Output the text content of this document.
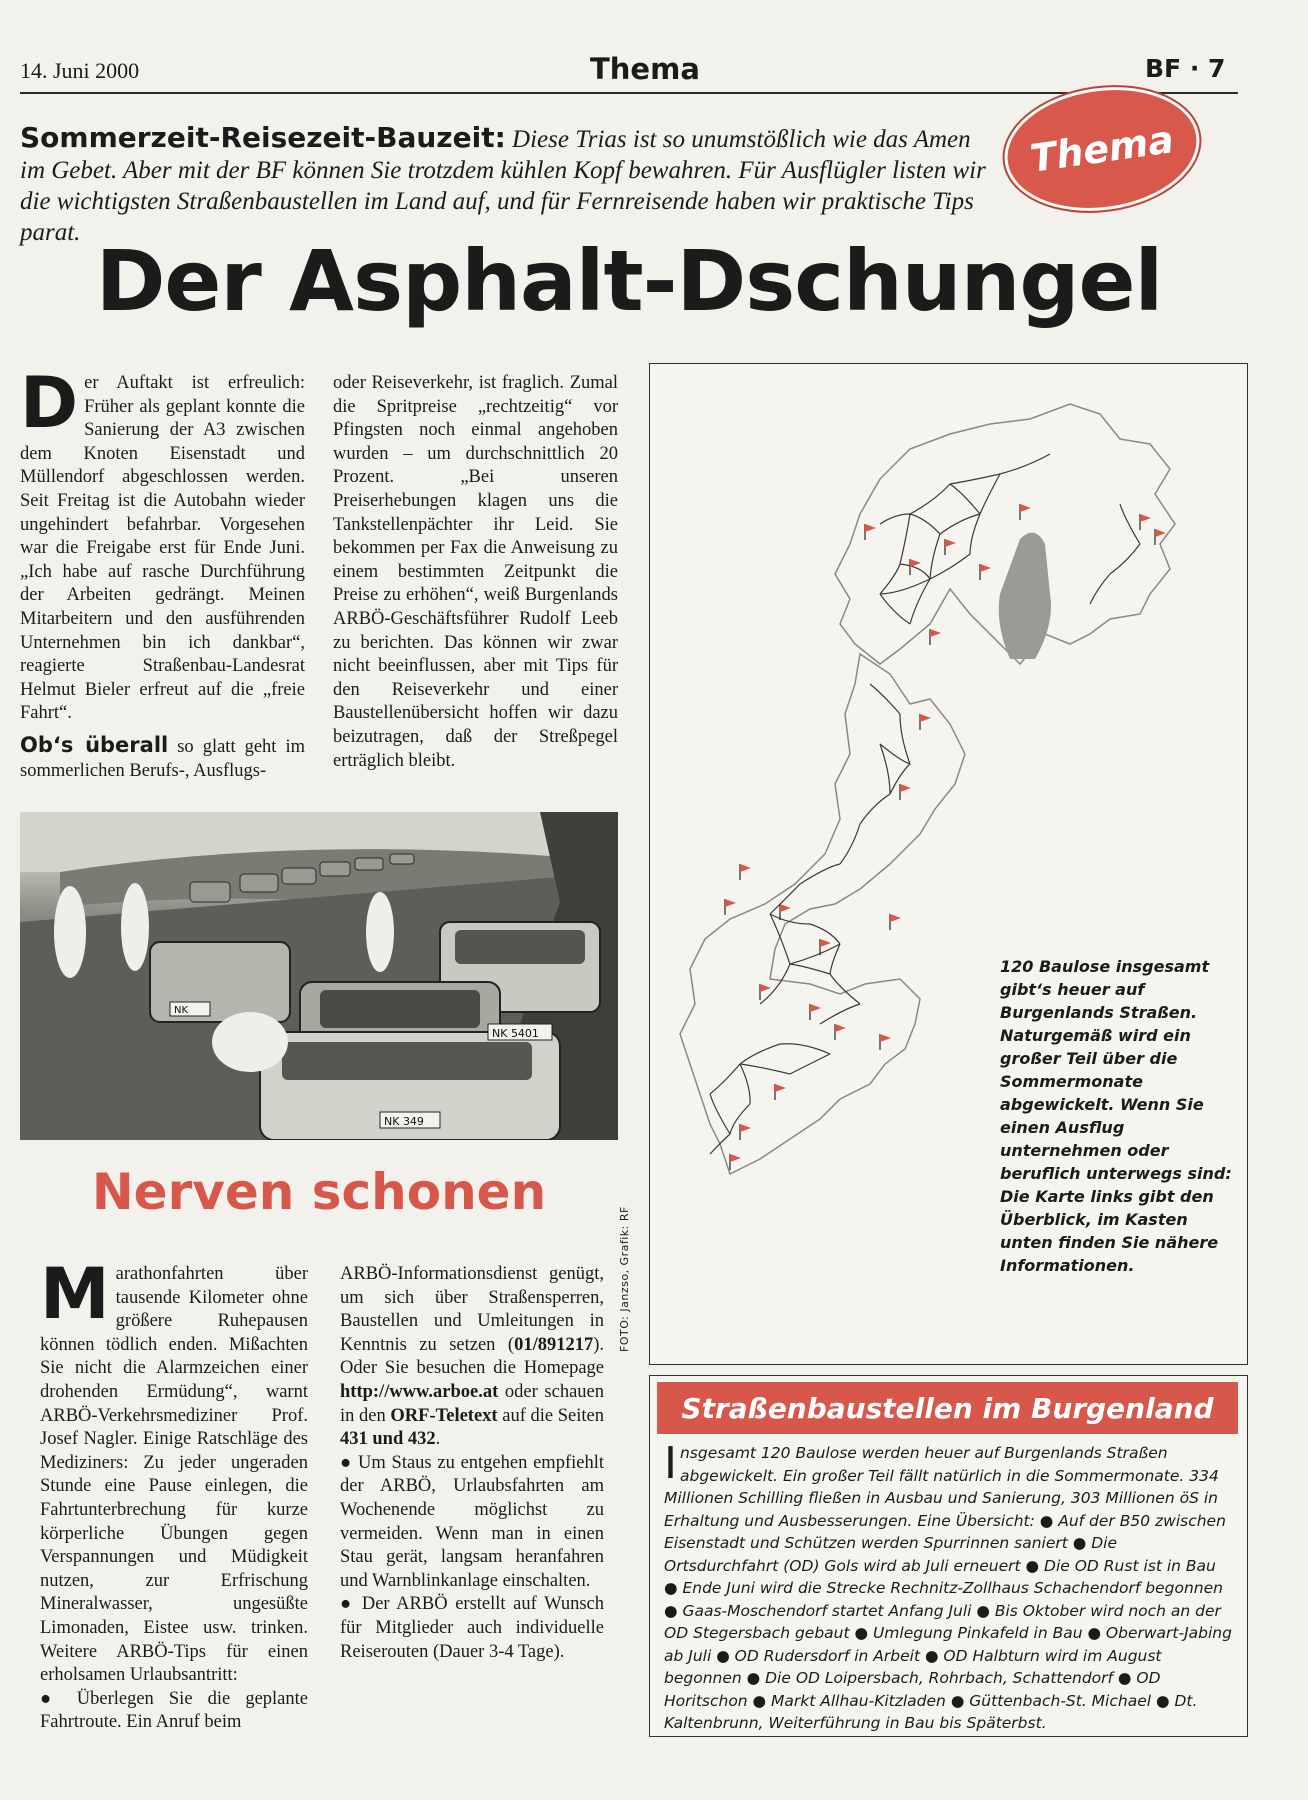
14. Juni 2000	Thema	BF · 7
Thema
Sommerzeit-Reisezeit-Bauzeit: Diese Trias ist so unumstößlich wie das Amen im Gebet. Aber mit der BF können Sie trotzdem kühlen Kopf bewahren. Für Ausflügler listen wir die wichtigsten Straßenbaustellen im Land auf, und für Fernreisende haben wir praktische Tips parat. Der Asphalt-Dschungel
D er Auftakt ist erfreulich: Früher als geplant konnte die Sanierung der A3 zwischen dem Knoten Eisenstadt und Müllendorf abgeschlossen werden. Seit Freitag ist die Autobahn wieder ungehindert befahrbar. Vorgesehen war die Freigabe erst für Ende Juni. „Ich habe auf rasche Durchführung der Arbeiten gedrängt. Meinen Mitarbeitern und den ausführenden Unternehmen bin ich dankbar“, reagierte Straßenbau-Landesrat Helmut Bieler erfreut auf die „freie Fahrt“.

Ob‘s überall so glatt geht im sommerlichen Berufs-, Ausflugs-

oder Reiseverkehr, ist fraglich. Zumal die Spritpreise „rechtzeitig“ vor Pfingsten noch einmal angehoben wurden – um durchschnittlich 20 Prozent. „Bei unseren Preiserhebungen klagen uns die Tankstellenpächter ihr Leid. Sie bekommen per Fax die Anweisung zu einem bestimmten Zeitpunkt die Preise zu erhöhen“, weiß Burgenlands ARBÖ-Geschäftsführer Rudolf Leeb zu berichten. Das können wir zwar nicht beeinflussen, aber mit Tips für den Reiseverkehr und einer Baustellenübersicht hoffen wir dazu beizutragen, daß der Streßpegel erträglich bleibt.

NK 5401
NK 349
NK
Nerven schonen
M arathonfahrten über tausende Kilometer ohne größere Ruhepausen können tödlich enden. Mißachten Sie nicht die Alarmzeichen einer drohenden Ermüdung“, warnt ARBÖ-Verkehrsmediziner Prof. Josef Nagler. Einige Ratschläge des Mediziners: Zu jeder ungeraden Stunde eine Pause einlegen, die Fahrtunterbrechung für kurze körperliche Übungen gegen Verspannungen und Müdigkeit nutzen, zur Erfrischung Mineralwasser, ungesüßte Limonaden, Eistee usw. trinken. Weitere ARBÖ-Tips für einen erholsamen Urlaubsantritt:

● Überlegen Sie die geplante Fahrtroute. Ein Anruf beim

ARBÖ-Informationsdienst genügt, um sich über Straßensperren, Baustellen und Umleitungen in Kenntnis zu setzen (01/891217). Oder Sie besuchen die Homepage http://www.arboe.at oder schauen in den ORF-Teletext auf die Seiten 431 und 432.

● Um Staus zu entgehen empfiehlt der ARBÖ, Urlaubsfahrten am Wochenende möglichst zu vermeiden. Wenn man in einen Stau gerät, langsam heranfahren und Warnblinkanlage einschalten.

● Der ARBÖ erstellt auf Wunsch für Mitglieder auch individuelle Reiserouten (Dauer 3-4 Tage).

120 Baulose insgesamt gibt‘s heuer auf Burgenlands Straßen. Naturgemäß wird ein großer Teil über die Sommermonate abgewickelt. Wenn Sie einen Ausflug unternehmen oder beruflich unterwegs sind: Die Karte links gibt den Überblick, im Kasten unten finden Sie nähere Informationen.
FOTO: Janzso, Grafik: RF
Straßenbaustellen im Burgenland
Insgesamt 120 Baulose werden heuer auf Burgenlands Straßen abgewickelt. Ein großer Teil fällt natürlich in die Sommermonate. 334 Millionen Schilling fließen in Ausbau und Sanierung, 303 Millionen öS in Erhaltung und Ausbesserungen. Eine Übersicht: ● Auf der B50 zwischen Eisenstadt und Schützen werden Spurrinnen saniert ● Die Ortsdurchfahrt (OD) Gols wird ab Juli erneuert ● Die OD Rust ist in Bau ● Ende Juni wird die Strecke Rechnitz-Zollhaus Schachendorf begonnen ● Gaas-Moschendorf startet Anfang Juli ● Bis Oktober wird noch an der OD Stegersbach gebaut ● Umlegung Pinkafeld in Bau ● Oberwart-Jabing ab Juli ● OD Rudersdorf in Arbeit ● OD Halbturn wird im August begonnen ● Die OD Loipersbach, Rohrbach, Schattendorf ● OD Horitschon ● Markt Allhau-Kitzladen ● Güttenbach-St. Michael ● Dt. Kaltenbrunn, Weiterführung in Bau bis Späterbst.
